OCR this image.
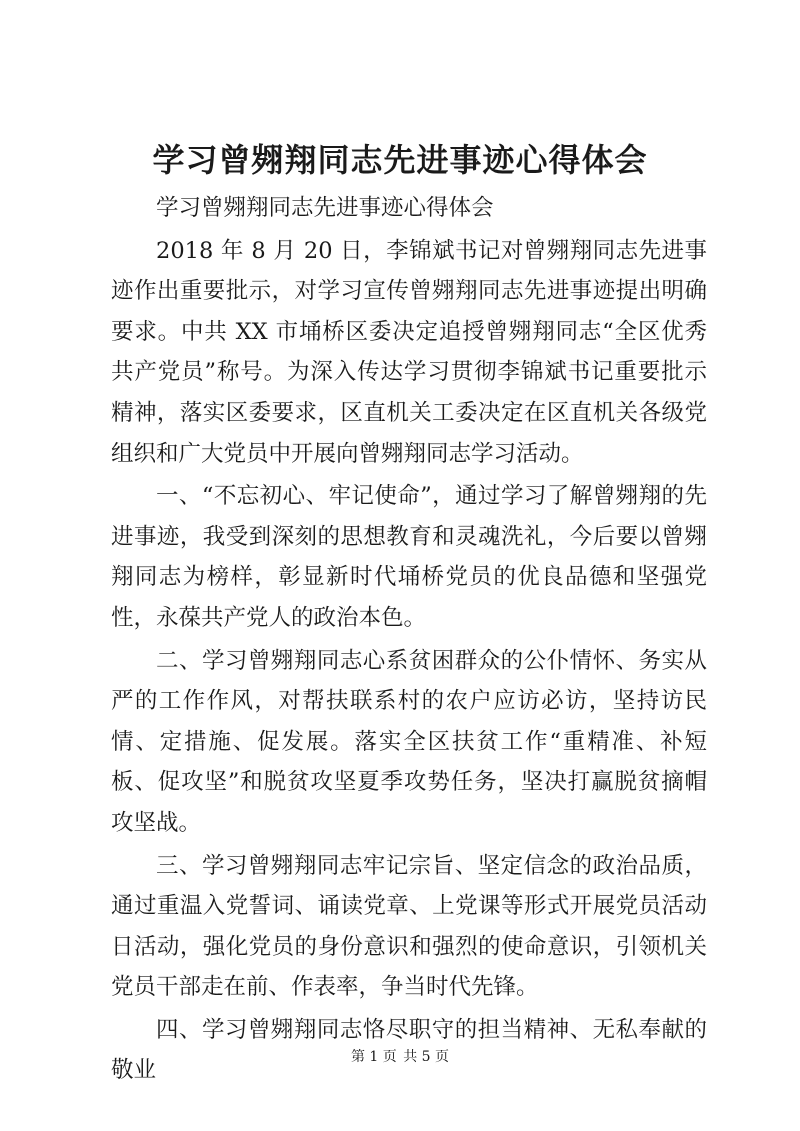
学习曾翙翔同志先进事迹心得体会

学习曾翙翔同志先进事迹心得体会

2018 年 8 月 20 日，李锦斌书记对曾翙翔同志先进事迹作出重要批示，对学习宣传曾翙翔同志先进事迹提出明确要求。中共 XX 市埇桥区委决定追授曾翙翔同志“全区优秀共产党员”称号。为深入传达学习贯彻李锦斌书记重要批示精神，落实区委要求，区直机关工委决定在区直机关各级党组织和广大党员中开展向曾翙翔同志学习活动。

一、“不忘初心、牢记使命”，通过学习了解曾翙翔的先进事迹，我受到深刻的思想教育和灵魂洗礼，今后要以曾翙翔同志为榜样，彰显新时代埇桥党员的优良品德和坚强党性，永葆共产党人的政治本色。

二、学习曾翙翔同志心系贫困群众的公仆情怀、务实从严的工作作风，对帮扶联系村的农户应访必访，坚持访民情、定措施、促发展。落实全区扶贫工作“重精准、补短板、促攻坚”和脱贫攻坚夏季攻势任务，坚决打赢脱贫摘帽攻坚战。

三、学习曾翙翔同志牢记宗旨、坚定信念的政治品质，通过重温入党誓词、诵读党章、上党课等形式开展党员活动日活动，强化党员的身份意识和强烈的使命意识，引领机关党员干部走在前、作表率，争当时代先锋。

四、学习曾翙翔同志恪尽职守的担当精神、无私奉献的敬业

第 1 页 共 5 页
